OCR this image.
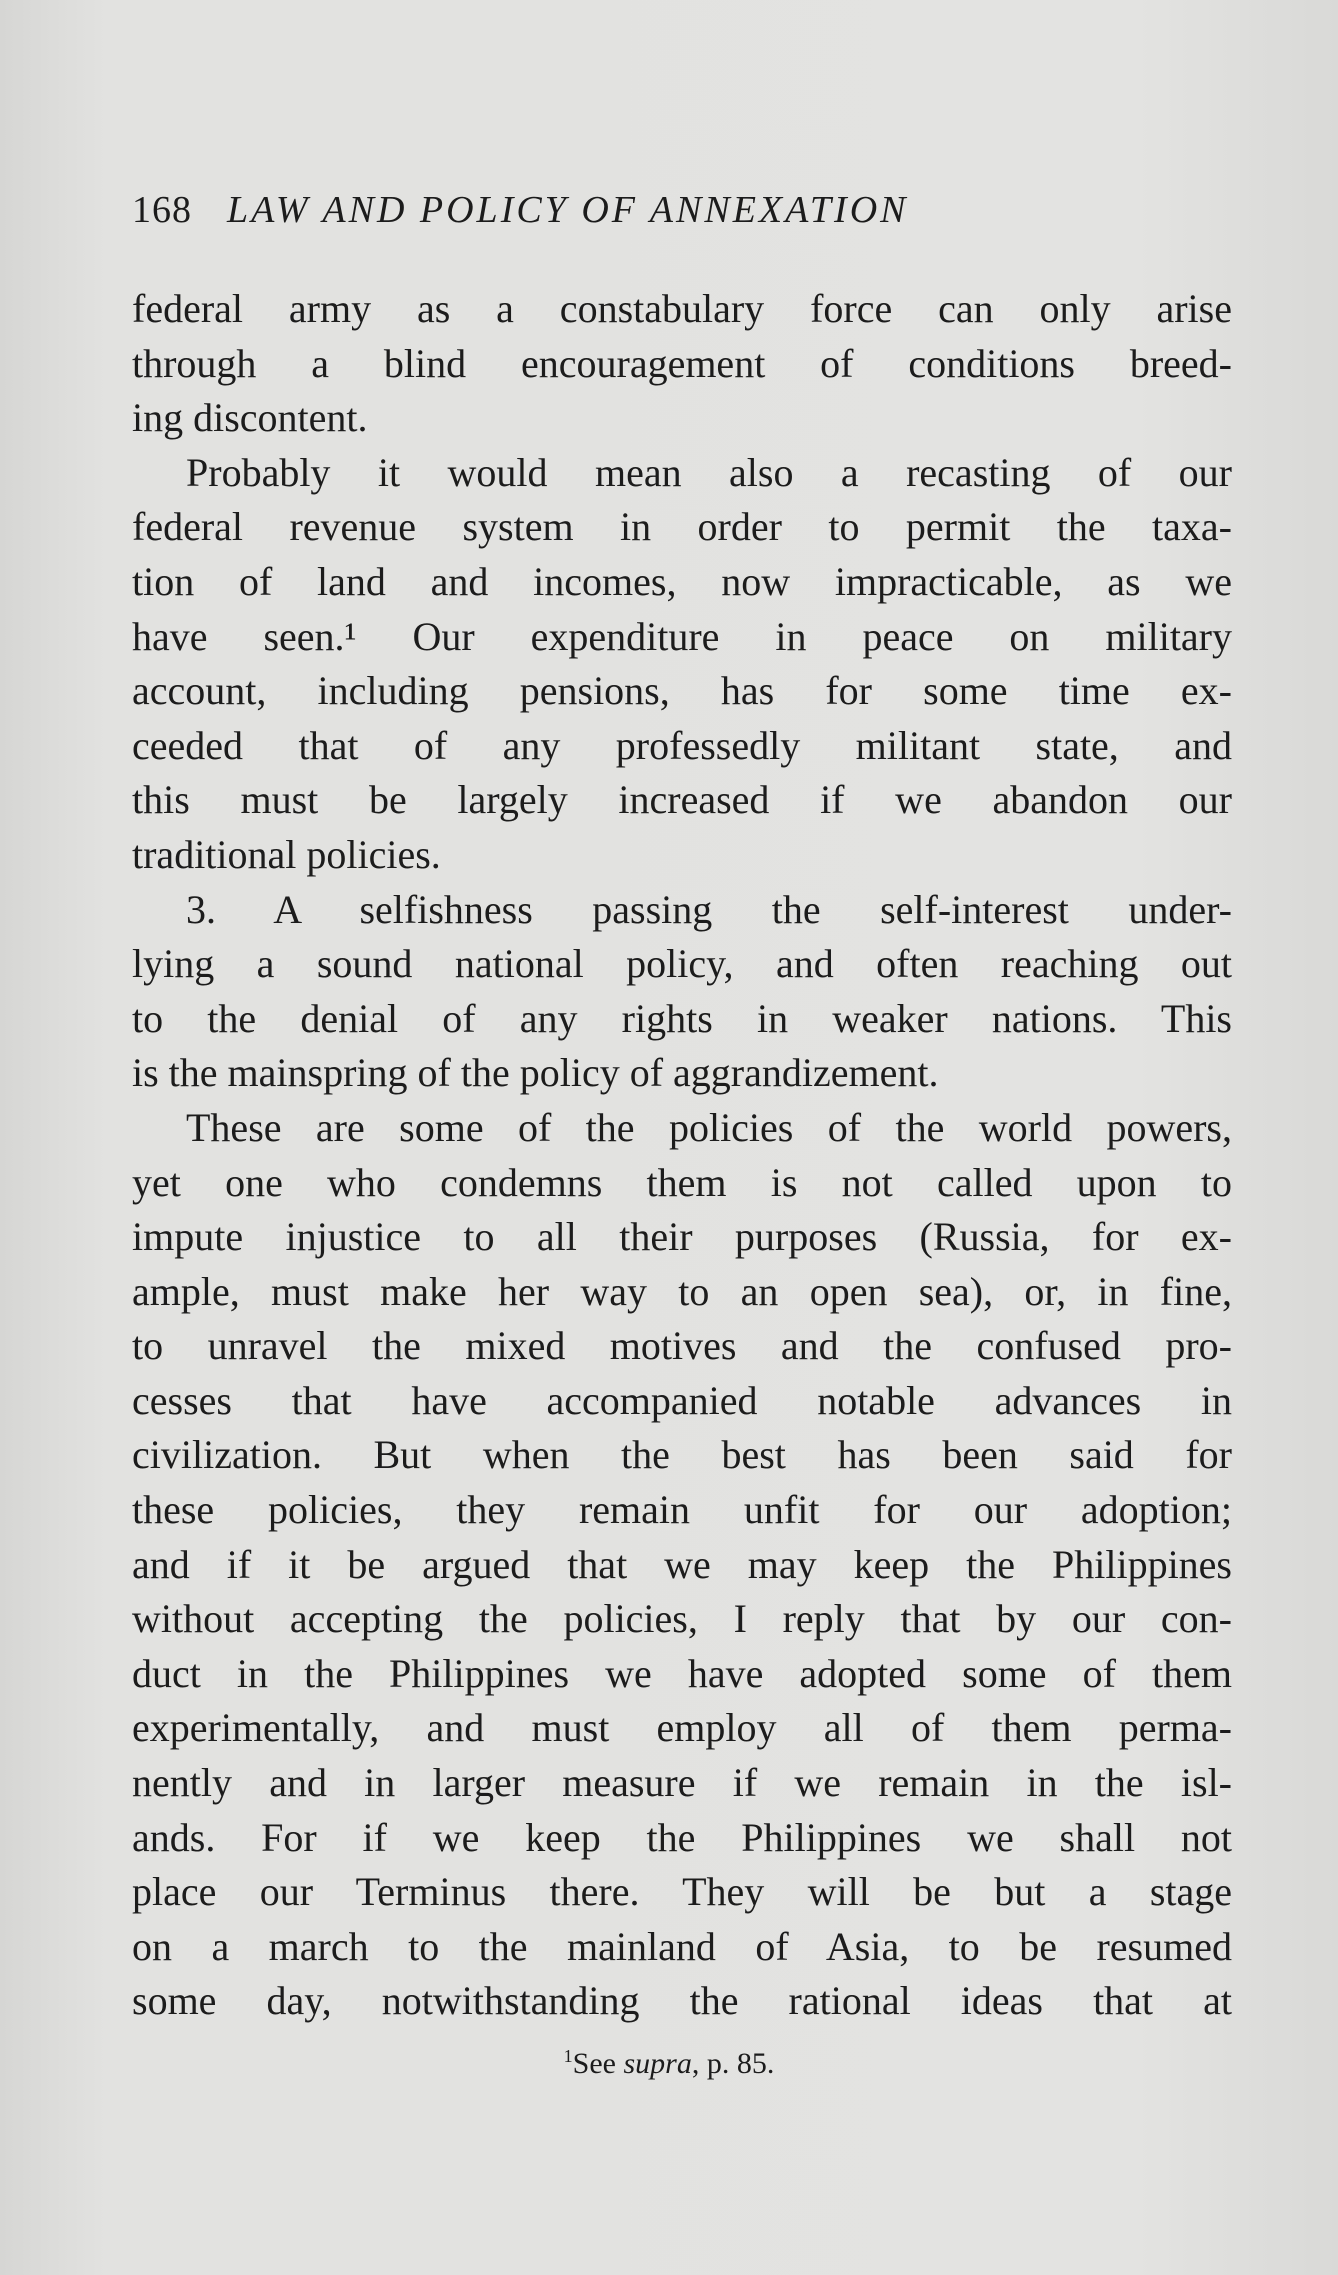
168 LAW AND POLICY OF ANNEXATION
federal army as a constabulary force can only arise
through a blind encouragement of conditions breed-
ing discontent.
Probably it would mean also a recasting of our
federal revenue system in order to permit the taxa-
tion of land and incomes, now impracticable, as we
have seen.¹ Our expenditure in peace on military
account, including pensions, has for some time ex-
ceeded that of any professedly militant state, and
this must be largely increased if we abandon our
traditional policies.
3. A selfishness passing the self-interest under-
lying a sound national policy, and often reaching out
to the denial of any rights in weaker nations. This
is the mainspring of the policy of aggrandizement.
These are some of the policies of the world powers,
yet one who condemns them is not called upon to
impute injustice to all their purposes (Russia, for ex-
ample, must make her way to an open sea), or, in fine,
to unravel the mixed motives and the confused pro-
cesses that have accompanied notable advances in
civilization. But when the best has been said for
these policies, they remain unfit for our adoption;
and if it be argued that we may keep the Philippines
without accepting the policies, I reply that by our con-
duct in the Philippines we have adopted some of them
experimentally, and must employ all of them perma-
nently and in larger measure if we remain in the isl-
ands. For if we keep the Philippines we shall not
place our Terminus there. They will be but a stage
on a march to the mainland of Asia, to be resumed
some day, notwithstanding the rational ideas that at
$^1$See supra, p. 85.
